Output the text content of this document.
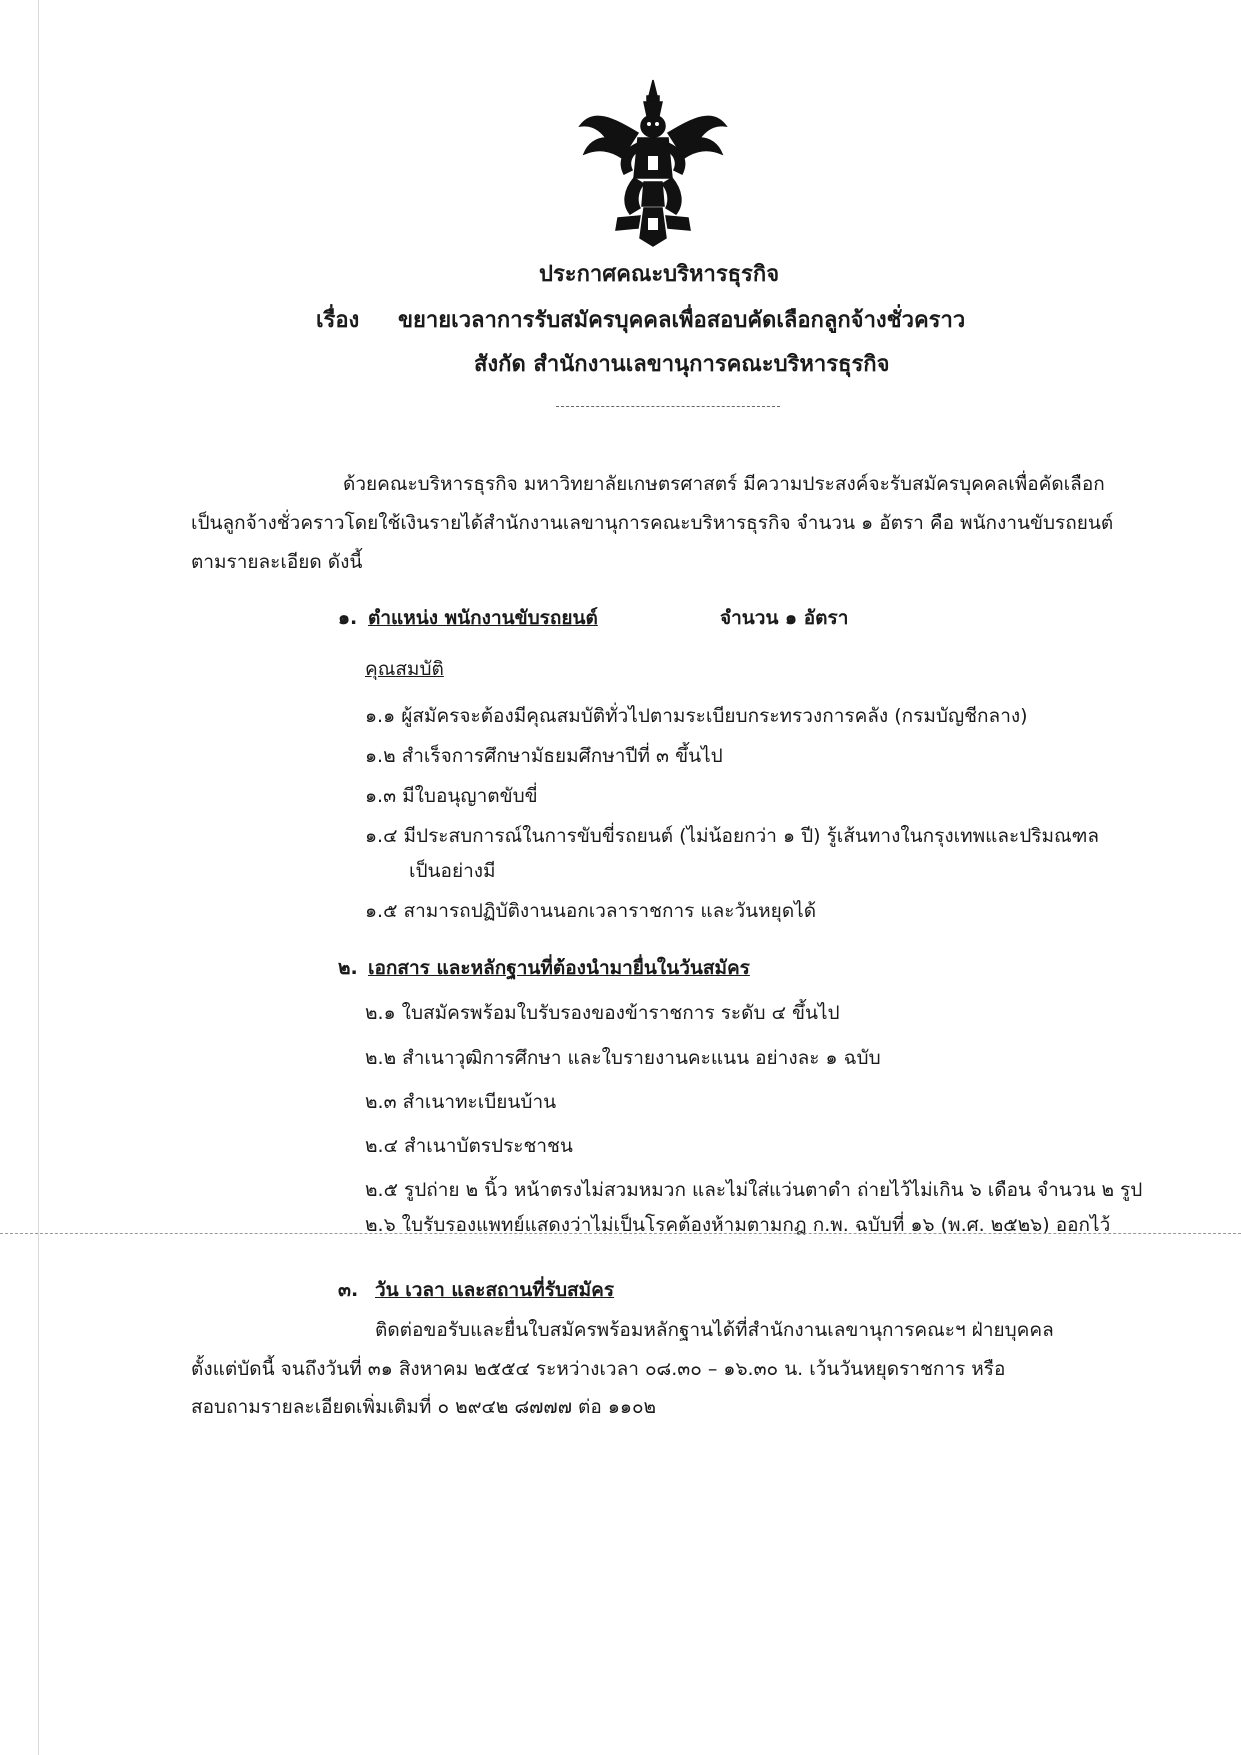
ประกาศคณะบริหารธุรกิจ
เรื่อง ขยายเวลาการรับสมัครบุคคลเพื่อสอบคัดเลือกลูกจ้างชั่วคราว
สังกัด สำนักงานเลขานุการคณะบริหารธุรกิจ
ด้วยคณะบริหารธุรกิจ มหาวิทยาลัยเกษตรศาสตร์ มีความประสงค์จะรับสมัครบุคคลเพื่อคัดเลือก
เป็นลูกจ้างชั่วคราวโดยใช้เงินรายได้สำนักงานเลขานุการคณะบริหารธุรกิจ จำนวน ๑ อัตรา คือ พนักงานขับรถยนต์
ตามรายละเอียด ดังนี้
๑. ตำแหน่ง พนักงานขับรถยนต์	จำนวน ๑ อัตรา
คุณสมบัติ
๑.๑ ผู้สมัครจะต้องมีคุณสมบัติทั่วไปตามระเบียบกระทรวงการคลัง (กรมบัญชีกลาง)
๑.๒ สำเร็จการศึกษามัธยมศึกษาปีที่ ๓ ขึ้นไป
๑.๓ มีใบอนุญาตขับขี่
๑.๔ มีประสบการณ์ในการขับขี่รถยนต์ (ไม่น้อยกว่า ๑ ปี) รู้เส้นทางในกรุงเทพและปริมณฑล
เป็นอย่างมี
๑.๕ สามารถปฏิบัติงานนอกเวลาราชการ และวันหยุดได้
๒. เอกสาร และหลักฐานที่ต้องนำมายื่นในวันสมัคร
๒.๑ ใบสมัครพร้อมใบรับรองของข้าราชการ ระดับ ๔ ขึ้นไป
๒.๒ สำเนาวุฒิการศึกษา และใบรายงานคะแนน อย่างละ ๑ ฉบับ
๒.๓ สำเนาทะเบียนบ้าน
๒.๔ สำเนาบัตรประชาชน
๒.๕ รูปถ่าย ๒ นิ้ว หน้าตรงไม่สวมหมวก และไม่ใส่แว่นตาดำ ถ่ายไว้ไม่เกิน ๖ เดือน จำนวน ๒ รูป
๒.๖ ใบรับรองแพทย์แสดงว่าไม่เป็นโรคต้องห้ามตามกฎ ก.พ. ฉบับที่ ๑๖ (พ.ศ. ๒๕๒๖) ออกไว้
๓. วัน เวลา และสถานที่รับสมัคร
ติดต่อขอรับและยื่นใบสมัครพร้อมหลักฐานได้ที่สำนักงานเลขานุการคณะฯ ฝ่ายบุคคล
ตั้งแต่บัดนี้ จนถึงวันที่ ๓๑ สิงหาคม ๒๕๕๔ ระหว่างเวลา ๐๘.๓๐ – ๑๖.๓๐ น. เว้นวันหยุดราชการ หรือ
สอบถามรายละเอียดเพิ่มเติมที่ ๐ ๒๙๔๒ ๘๗๗๗ ต่อ ๑๑๐๒
